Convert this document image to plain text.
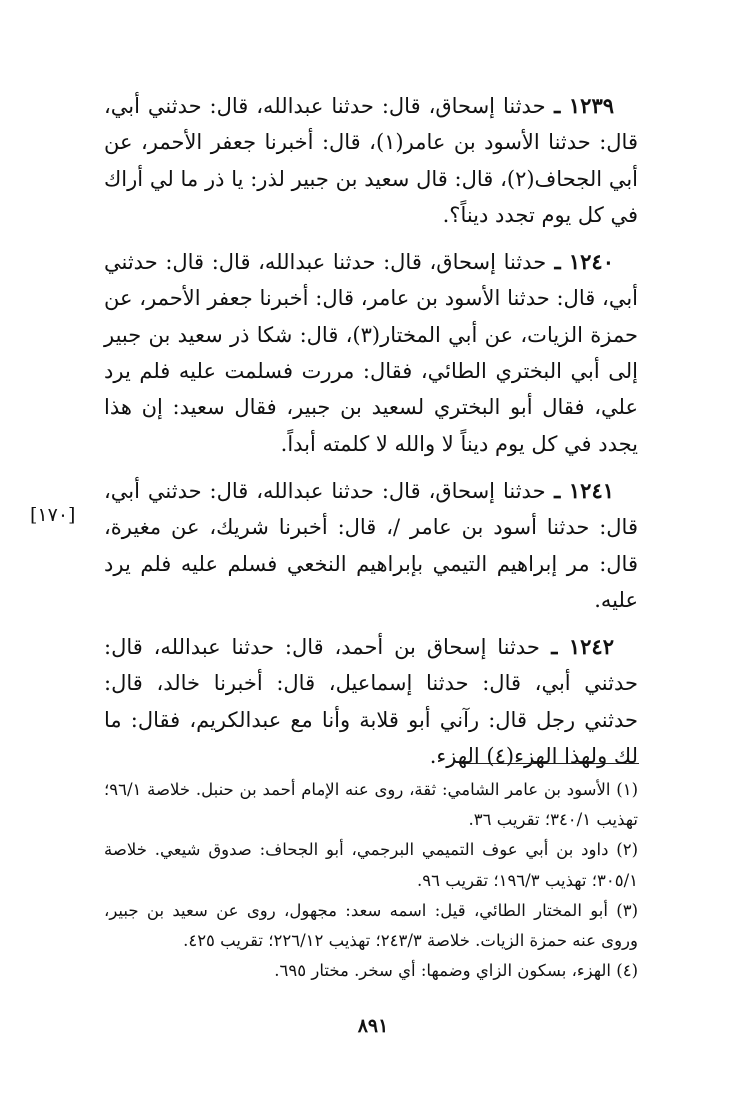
١٢٣٩ ـ حدثنا إسحاق، قال: حدثنا عبدالله، قال: حدثني أبي، قال: حدثنا الأسود بن عامر(١)، قال: أخبرنا جعفر الأحمر، عن أبي الجحاف(٢)، قال: قال سعيد بن جبير لذر: يا ذر ما لي أراك في كل يوم تجدد ديناً؟.

١٢٤٠ ـ حدثنا إسحاق، قال: حدثنا عبدالله، قال: قال: حدثني أبي، قال: حدثنا الأسود بن عامر، قال: أخبرنا جعفر الأحمر، عن حمزة الزيات، عن أبي المختار(٣)، قال: شكا ذر سعيد بن جبير إلى أبي البختري الطائي، فقال: مررت فسلمت عليه فلم يرد علي، فقال أبو البختري لسعيد بن جبير، فقال سعيد: إن هذا يجدد في كل يوم ديناً لا والله لا كلمته أبداً.

١٢٤١ ـ حدثنا إسحاق، قال: حدثنا عبدالله، قال: حدثني أبي، قال: حدثنا أسود بن عامر /، قال: أخبرنا شريك، عن مغيرة، قال: مر إبراهيم التيمي بإبراهيم النخعي فسلم عليه فلم يرد عليه.

١٢٤٢ ـ حدثنا إسحاق بن أحمد، قال: حدثنا عبدالله، قال: حدثني أبي، قال: حدثنا إسماعيل، قال: أخبرنا خالد، قال: حدثني رجل قال: رآني أبو قلابة وأنا مع عبدالكريم، فقال: ما لك ولهذا الهزء(٤) الهزء.

[١٧٠]

(١) الأسود بن عامر الشامي: ثقة، روى عنه الإمام أحمد بن حنبل. خلاصة ٩٦/١؛ تهذيب ٣٤٠/١؛ تقريب ٣٦.

(٢) داود بن أبي عوف التميمي البرجمي، أبو الجحاف: صدوق شيعي. خلاصة ٣٠٥/١؛ تهذيب ١٩٦/٣؛ تقريب ٩٦.

(٣) أبو المختار الطائي، قيل: اسمه سعد: مجهول، روى عن سعيد بن جبير، وروى عنه حمزة الزيات. خلاصة ٢٤٣/٣؛ تهذيب ٢٢٦/١٢؛ تقريب ٤٢٥.

(٤) الهزء، بسكون الزاي وضمها: أي سخر. مختار ٦٩٥.

٨٩١
